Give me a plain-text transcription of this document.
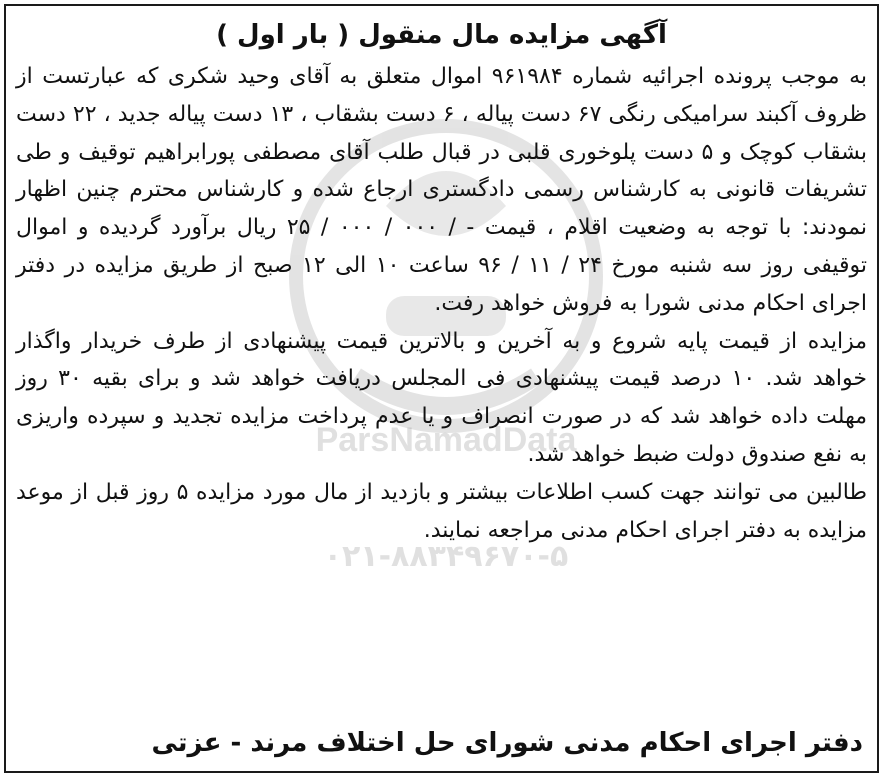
ParsNamadData
۰۲۱-۸۸۳۴۹۶۷۰-۵
آگهی مزایده مال منقول ( بار اول )

به موجب پرونده اجرائیه شماره ۹۶۱۹۸۴ اموال متعلق به آقای وحید شکری که عبارتست از ظروف آکبند سرامیکی رنگی ۶۷ دست پیاله ، ۶ دست بشقاب ، ۱۳ دست پیاله جدید ، ۲۲ دست بشقاب کوچک و ۵ دست پلوخوری قلبی در قبال طلب آقای مصطفی پورابراهیم توقیف و طی تشریفات قانونی به کارشناس رسمی دادگستری ارجاع شده و کارشناس محترم چنین اظهار نمودند: با توجه به وضعیت اقلام ، قیمت - / ۰۰۰ / ۰۰۰ / ۲۵ ریال برآورد گردیده و اموال توقیفی روز سه شنبه مورخ ۲۴ / ۱۱ / ۹۶ ساعت ۱۰ الی ۱۲ صبح از طریق مزایده در دفتر اجرای احکام مدنی شورا به فروش خواهد رفت.

مزایده از قیمت پایه شروع و به آخرین و بالاترین قیمت پیشنهادی از طرف خریدار واگذار خواهد شد. ۱۰ درصد قیمت پیشنهادی فی المجلس دریافت خواهد شد و برای بقیه ۳۰ روز مهلت داده خواهد شد که در صورت انصراف و یا عدم پرداخت مزایده تجدید و سپرده واریزی به نفع صندوق دولت ضبط خواهد شد.

طالبین می توانند جهت کسب اطلاعات بیشتر و بازدید از مال مورد مزایده ۵ روز قبل از موعد مزایده به دفتر اجرای احکام مدنی مراجعه نمایند.

دفتر اجرای احکام مدنی شورای حل اختلاف مرند - عزتی
